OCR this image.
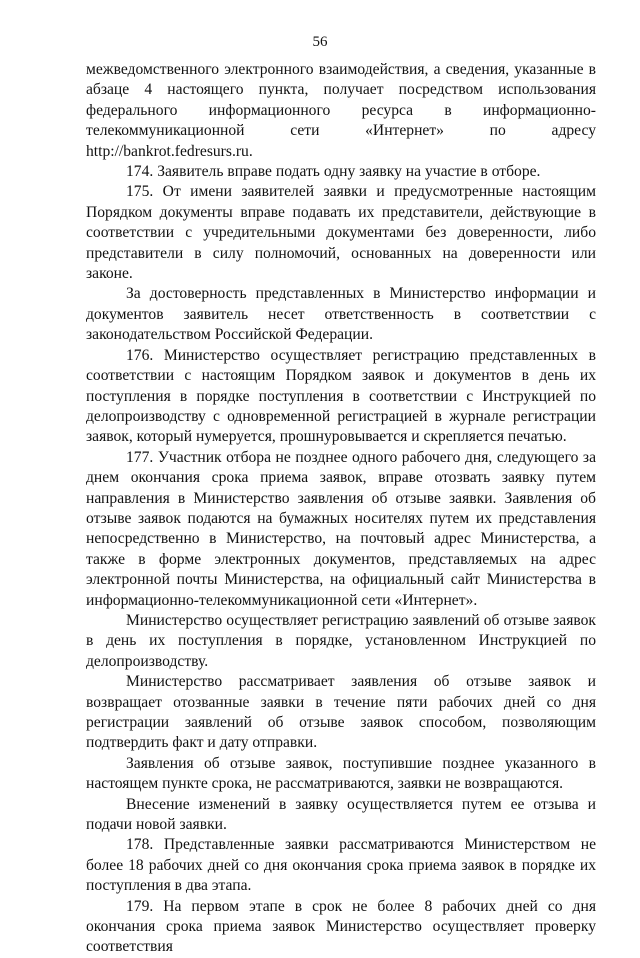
56

межведомственного электронного взаимодействия, а сведения, указанные в абзаце 4 настоящего пункта, получает посредством использования федерального информационного ресурса в информационно-телекоммуникационной сети «Интернет» по адресу http://bankrot.fedresurs.ru.

174. Заявитель вправе подать одну заявку на участие в отборе.

175. От имени заявителей заявки и предусмотренные настоящим Порядком документы вправе подавать их представители, действующие в соответствии с учредительными документами без доверенности, либо представители в силу полномочий, основанных на доверенности или законе.

За достоверность представленных в Министерство информации и документов заявитель несет ответственность в соответствии с законодательством Российской Федерации.

176. Министерство осуществляет регистрацию представленных в соответствии с настоящим Порядком заявок и документов в день их поступления в порядке поступления в соответствии с Инструкцией по делопроизводству с одновременной регистрацией в журнале регистрации заявок, который нумеруется, прошнуровывается и скрепляется печатью.

177. Участник отбора не позднее одного рабочего дня, следующего за днем окончания срока приема заявок, вправе отозвать заявку путем направления в Министерство заявления об отзыве заявки. Заявления об отзыве заявок подаются на бумажных носителях путем их представления непосредственно в Министерство, на почтовый адрес Министерства, а также в форме электронных документов, представляемых на адрес электронной почты Министерства, на официальный сайт Министерства в информационно-телекоммуникационной сети «Интернет».

Министерство осуществляет регистрацию заявлений об отзыве заявок в день их поступления в порядке, установленном Инструкцией по делопроизводству.

Министерство рассматривает заявления об отзыве заявок и возвращает отозванные заявки в течение пяти рабочих дней со дня регистрации заявлений об отзыве заявок способом, позволяющим подтвердить факт и дату отправки.

Заявления об отзыве заявок, поступившие позднее указанного в настоящем пункте срока, не рассматриваются, заявки не возвращаются.

Внесение изменений в заявку осуществляется путем ее отзыва и подачи новой заявки.

178. Представленные заявки рассматриваются Министерством не более 18 рабочих дней со дня окончания срока приема заявок в порядке их поступления в два этапа.

179. На первом этапе в срок не более 8 рабочих дней со дня окончания срока приема заявок Министерство осуществляет проверку соответствия
